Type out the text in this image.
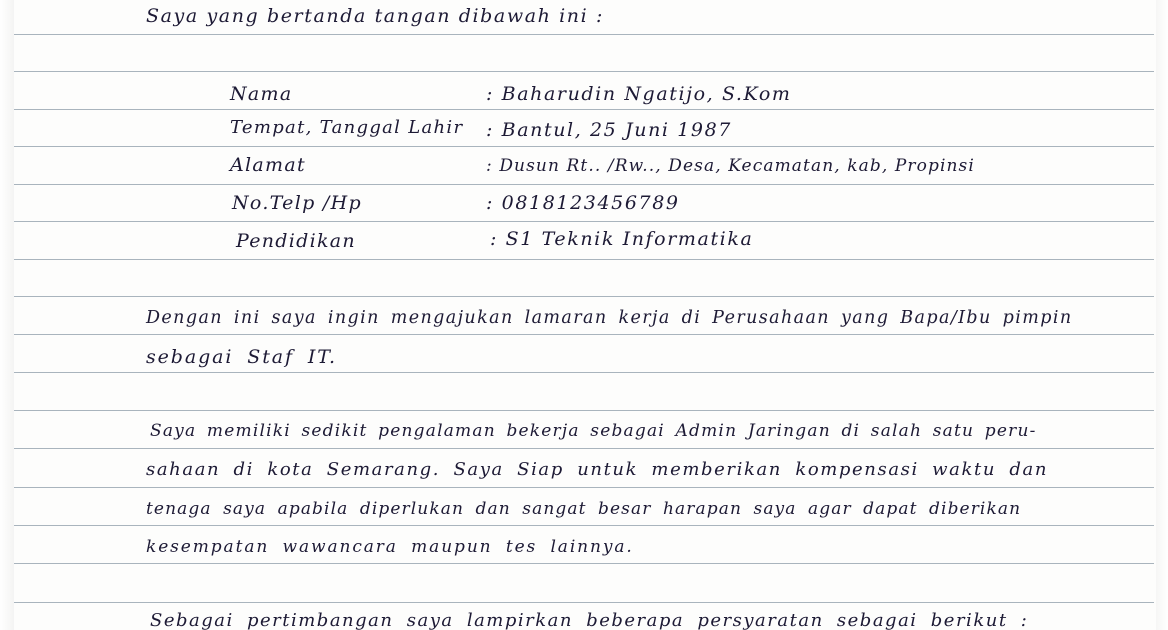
Saya yang bertanda tangan dibawah ini :
Nama	: Baharudin Ngatijo, S.Kom
Tempat, Tanggal Lahir : Bantul, 25 Juni 1987
Alamat	: Dusun Rt.. /Rw.., Desa, Kecamatan, kab, Propinsi
No.Telp /Hp	: 08181234567​89
Pendidikan	: S1 Teknik Informatika
Dengan ini saya ingin mengajukan lamaran kerja di Perusahaan yang Bapa/Ibu pimpin
sebagai Staf IT.
Saya memiliki sedikit pengalaman bekerja sebagai Admin Jaringan di salah satu peru-
sahaan di kota Semarang. Saya Siap untuk memberikan kompensasi waktu dan
tenaga saya apabila diperlukan dan sangat besar harapan saya agar dapat diberikan
kesempatan wawancara maupun tes lainnya.
Sebagai pertimbangan saya lampirkan beberapa persyaratan sebagai berikut :
